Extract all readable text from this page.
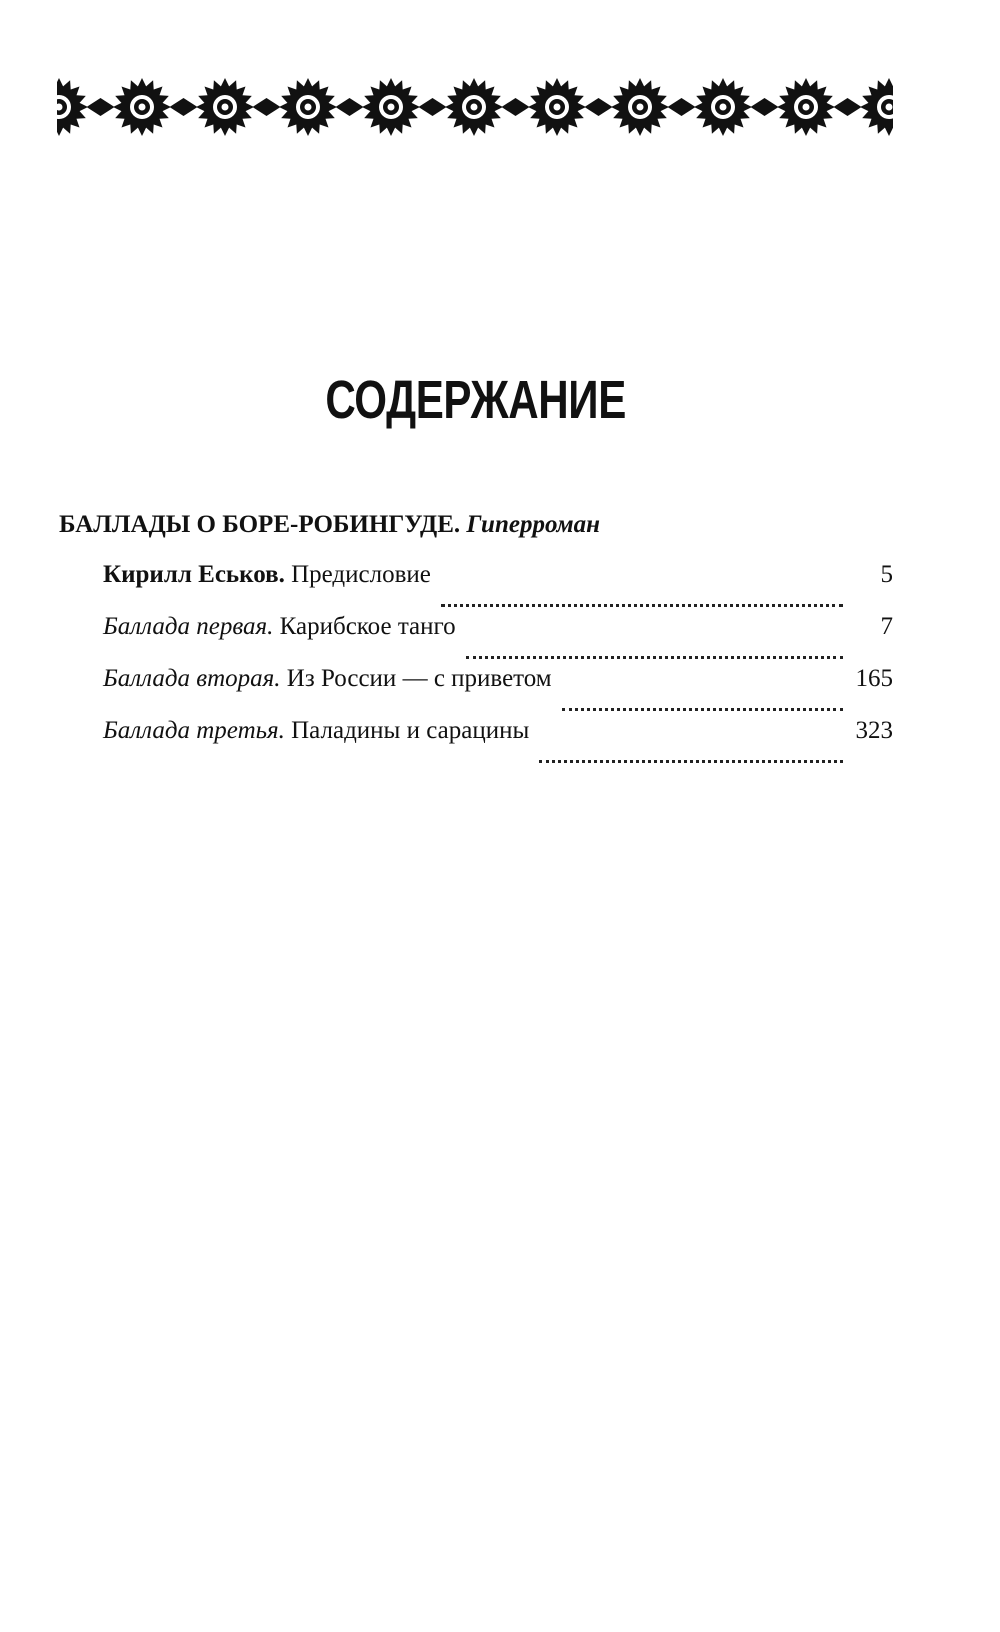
СОДЕРЖАНИЕ
БАЛЛАДЫ О БОРЕ-РОБИНГУДЕ. Гиперроман
Кирилл Еськов.
Предисловие	5
Баллада первая.
Карибское танго	7
Баллада вторая.
Из России — с приветом	165
Баллада третья.
Паладины и сарацины	323
